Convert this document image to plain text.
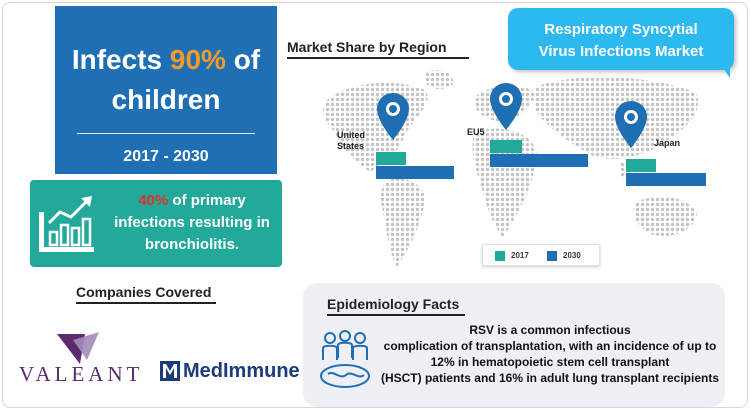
Infects 90% of
children
2017 - 2030
40% of primary
infections resulting in
bronchiolitis.
Companies Covered
VALEANT MedImmune
Market Share by Region
United
States
EU5
Japan
2017	2030
Respiratory Syncytial
Virus Infections Market
Epidemiology Facts
RSV is a common infectious
complication of transplantation, with an incidence of up to
12% in hematopoietic stem cell transplant
(HSCT) patients and 16% in adult lung transplant recipients
